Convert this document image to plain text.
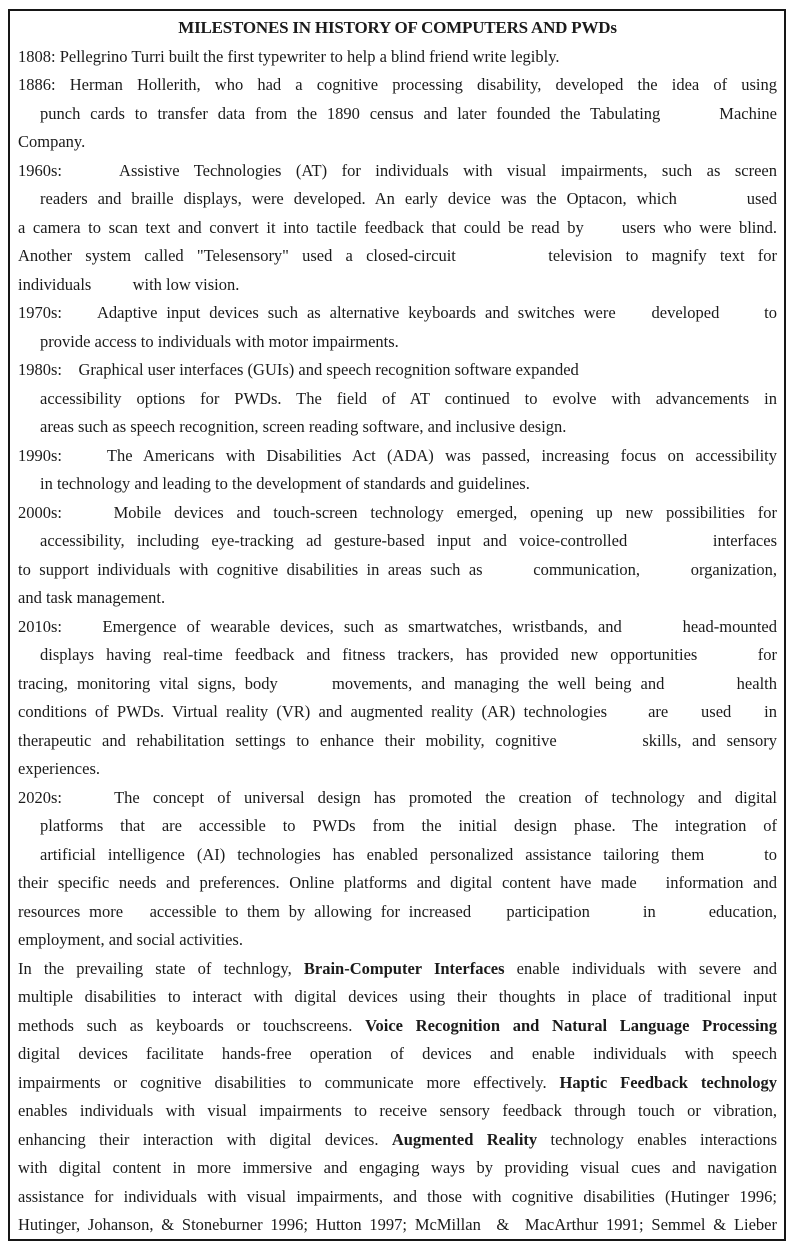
MILESTONES IN HISTORY OF COMPUTERS AND PWDs
1808: Pellegrino Turri built the first typewriter to help a blind friend write legibly.
1886: Herman Hollerith, who had a cognitive processing disability, developed the idea of using
punch cards to transfer data from the 1890 census and later founded the Tabulating      Machine
Company.
1960s:    Assistive Technologies (AT) for individuals with visual impairments, such as screen
readers and braille displays, were developed. An early device was the Optacon, which       used
a camera to scan text and convert it into tactile feedback that could be read by     users who were blind.
Another system called "Telesensory" used a closed-circuit       television to magnify text for
individuals          with low vision.
1970s:    Adaptive input devices such as alternative keyboards and switches were    developed     to
provide access to individuals with motor impairments.
1980s:    Graphical user interfaces (GUIs) and speech recognition software expanded
accessibility options for PWDs. The field of AT continued to evolve with advancements in
areas such as speech recognition, screen reading software, and inclusive design.
1990s:    The Americans with Disabilities Act (ADA) was passed, increasing focus on accessibility
in technology and leading to the development of standards and guidelines.
2000s:    Mobile devices and touch-screen technology emerged, opening up new possibilities for
accessibility, including eye-tracking ad gesture-based input and voice-controlled       interfaces
to support individuals with cognitive disabilities in areas such as      communication,      organization,
and task management.
2010s:    Emergence of wearable devices, such as smartwatches, wristbands, and      head-mounted
displays having real-time feedback and fitness trackers, has provided new opportunities     for
tracing, monitoring vital signs, body      movements, and managing the well being and        health
conditions of PWDs. Virtual reality (VR) and augmented reality (AR) technologies     are    used    in
therapeutic and rehabilitation settings to enhance their mobility, cognitive        skills, and sensory
experiences.
2020s:    The concept of universal design has promoted the creation of technology and digital
platforms that are accessible to PWDs from the initial design phase. The integration of
artificial intelligence (AI) technologies has enabled personalized assistance tailoring them     to
their specific needs and preferences. Online platforms and digital content have made   information and
resources more   accessible to them by allowing for increased    participation      in      education,
employment, and social activities.
In the prevailing state of technlogy, Brain-Computer Interfaces enable individuals with severe and
multiple disabilities to interact with digital devices using their thoughts in place of traditional input
methods such as keyboards or touchscreens. Voice Recognition and Natural Language Processing
digital devices facilitate hands-free operation of devices and enable individuals with speech
impairments or cognitive disabilities to communicate more effectively. Haptic Feedback technology
enables individuals with visual impairments to receive sensory feedback through touch or vibration,
enhancing their interaction with digital devices. Augmented Reality technology enables interactions
with digital content in more immersive and engaging ways by providing visual cues and navigation
assistance for individuals with visual impairments, and those with cognitive disabilities (Hutinger 1996;
Hutinger, Johanson, & Stoneburner 1996; Hutton 1997; McMillan  &  MacArthur 1991; Semmel & Lieber
